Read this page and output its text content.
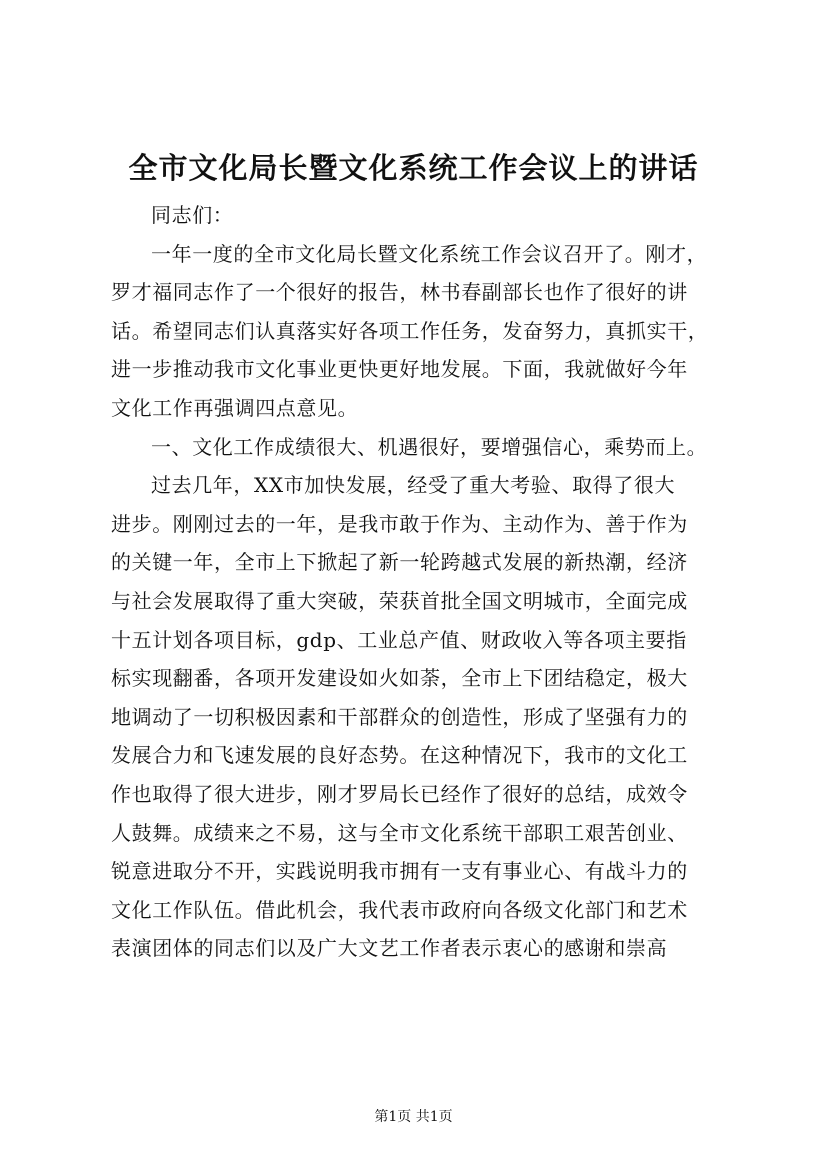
全市文化局长暨文化系统工作会议上的讲话
同志们：
一年一度的全市文化局长暨文化系统工作会议召开了。刚才，
罗才福同志作了一个很好的报告，林书春副部长也作了很好的讲
话。希望同志们认真落实好各项工作任务，发奋努力，真抓实干，
进一步推动我市文化事业更快更好地发展。下面，我就做好今年
文化工作再强调四点意见。
一、文化工作成绩很大、机遇很好，要增强信心，乘势而上。
过去几年，XX市加快发展，经受了重大考验、取得了很大
进步。刚刚过去的一年，是我市敢于作为、主动作为、善于作为
的关键一年，全市上下掀起了新一轮跨越式发展的新热潮，经济
与社会发展取得了重大突破，荣获首批全国文明城市，全面完成
十五计划各项目标，gdp、工业总产值、财政收入等各项主要指
标实现翻番，各项开发建设如火如荼，全市上下团结稳定，极大
地调动了一切积极因素和干部群众的创造性，形成了坚强有力的
发展合力和飞速发展的良好态势。在这种情况下，我市的文化工
作也取得了很大进步，刚才罗局长已经作了很好的总结，成效令
人鼓舞。成绩来之不易，这与全市文化系统干部职工艰苦创业、
锐意进取分不开，实践说明我市拥有一支有事业心、有战斗力的
文化工作队伍。借此机会，我代表市政府向各级文化部门和艺术
表演团体的同志们以及广大文艺工作者表示衷心的感谢和崇高
第1页 共1页
